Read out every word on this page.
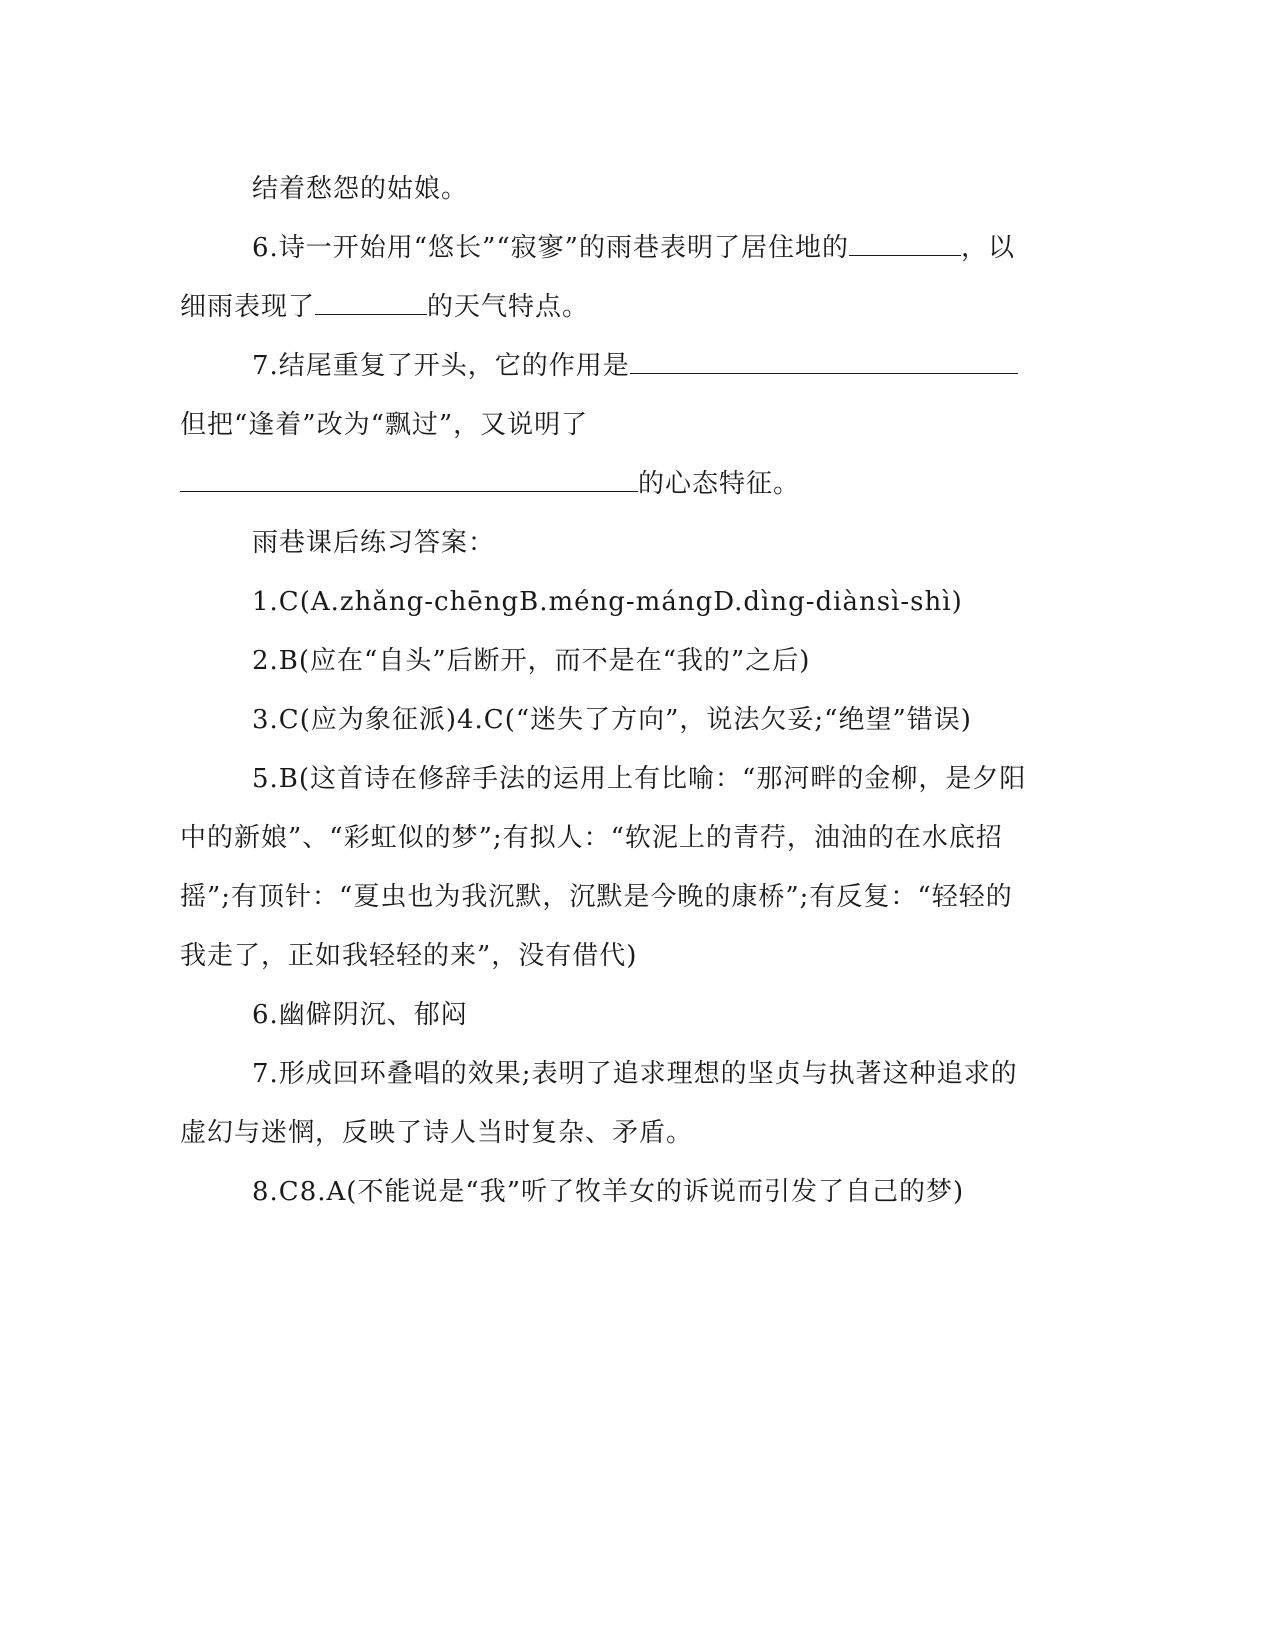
结着愁怨的姑娘。
6.诗一开始用“悠长”“寂寥”的雨巷表明了居住地的	，以
细雨表现了	的天气特点。
7.结尾重复了开头，它的作用是
但把“逢着”改为“飘过”，又说明了
的心态特征。
雨巷课后练习答案：
1.C(A.zhǎng-chēngB.méng-mángD.dìng-diànsì-shì)
2.B(应在“自头”后断开，而不是在“我的”之后)
3.C(应为象征派)4.C(“迷失了方向”，说法欠妥;“绝望”错误)
5.B(这首诗在修辞手法的运用上有比喻：“那河畔的金柳，是夕阳
中的新娘”、“彩虹似的梦”;有拟人：“软泥上的青荇，油油的在水底招
摇”;有顶针：“夏虫也为我沉默，沉默是今晚的康桥”;有反复：“轻轻的
我走了，正如我轻轻的来”，没有借代)
6.幽僻阴沉、郁闷
7.形成回环叠唱的效果;表明了追求理想的坚贞与执著这种追求的
虚幻与迷惘，反映了诗人当时复杂、矛盾。
8.C8.A(不能说是“我”听了牧羊女的诉说而引发了自己的梦)
